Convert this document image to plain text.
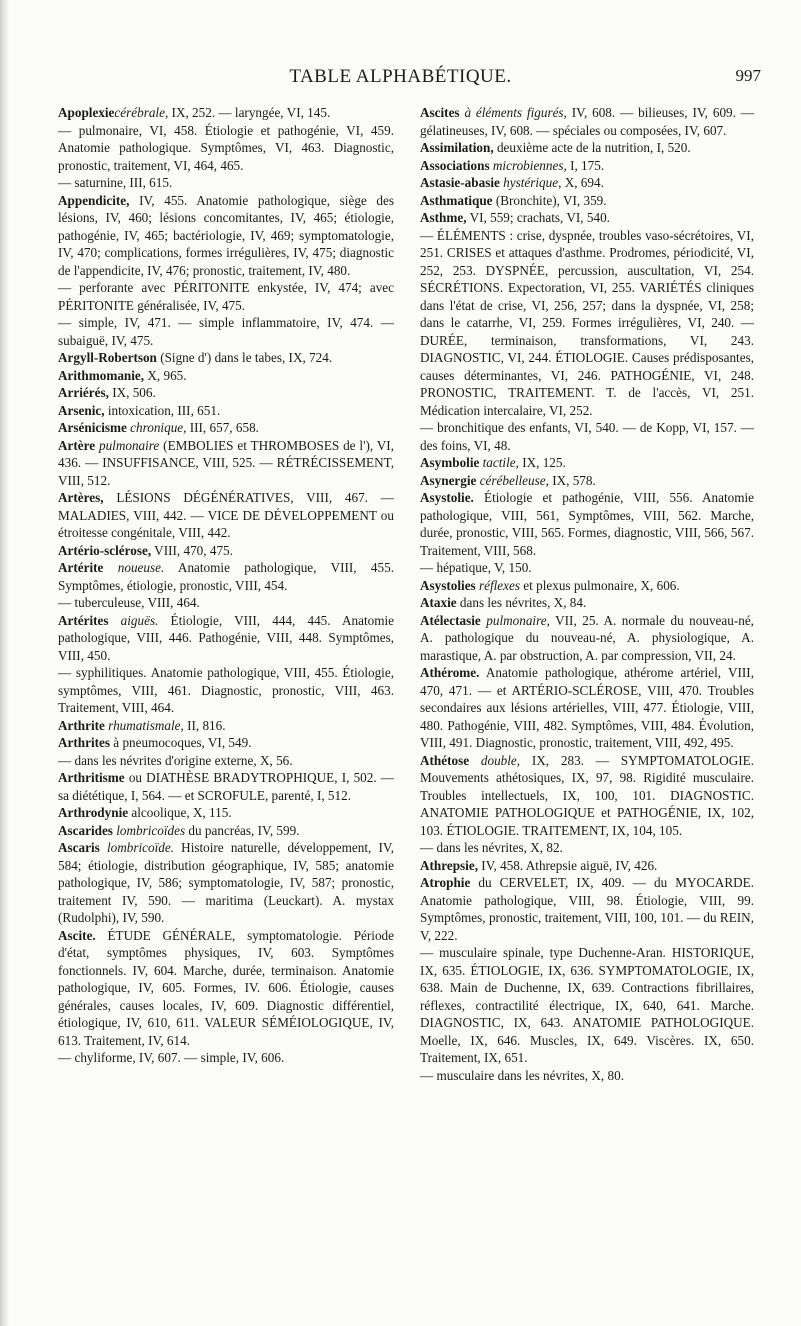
TABLE ALPHABÉTIQUE.	997

Apoplexiecérébrale, IX, 252. — laryngée, VI, 145.

— pulmonaire, VI, 458. Étiologie et pathogénie, VI, 459. Anatomie pathologique. Symptômes, VI, 463. Diagnostic, pronostic, traitement, VI, 464, 465.

— saturnine, III, 615.

Appendicite, IV, 455. Anatomie pathologique, siège des lésions, IV, 460; lésions concomitantes, IV, 465; étiologie, pathogénie, IV, 465; bactériologie, IV, 469; symptomatologie, IV, 470; complications, formes irrégulières, IV, 475; diagnostic de l'appendicite, IV, 476; pronostic, traitement, IV, 480.

— perforante avec PÉRITONITE enkystée, IV, 474; avec PÉRITONITE généralisée, IV, 475.

— simple, IV, 471. — simple inflammatoire, IV, 474. — subaiguë, IV, 475.

Argyll-Robertson (Signe d') dans le tabes, IX, 724.

Arithmomanie, X, 965.

Arriérés, IX, 506.

Arsenic, intoxication, III, 651.

Arsénicisme chronique, III, 657, 658.

Artère pulmonaire (EMBOLIES et THROMBOSES de l'), VI, 436. — INSUFFISANCE, VIII, 525. — RÉTRÉCISSEMENT, VIII, 512.

Artères, LÉSIONS DÉGÉNÉRATIVES, VIII, 467. — MALADIES, VIII, 442. — VICE DE DÉVELOPPEMENT ou étroitesse congénitale, VIII, 442.

Artério-sclérose, VIII, 470, 475.

Artérite noueuse. Anatomie pathologique, VIII, 455. Symptômes, étiologie, pronostic, VIII, 454.

— tuberculeuse, VIII, 464.

Artérites aiguës. Étiologie, VIII, 444, 445. Anatomie pathologique, VIII, 446. Pathogénie, VIII, 448. Symptômes, VIII, 450.

— syphilitiques. Anatomie pathologique, VIII, 455. Étiologie, symptômes, VIII, 461. Diagnostic, pronostic, VIII, 463. Traitement, VIII, 464.

Arthrite rhumatismale, II, 816.

Arthrites à pneumocoques, VI, 549.

— dans les névrites d'origine externe, X, 56.

Arthritisme ou DIATHÈSE BRADYTROPHIQUE, I, 502. — sa diététique, I, 564. — et SCROFULE, parenté, I, 512.

Arthrodynie alcoolique, X, 115.

Ascarides lombricoïdes du pancréas, IV, 599.

Ascaris lombricoïde. Histoire naturelle, développement, IV, 584; étiologie, distribution géographique, IV, 585; anatomie pathologique, IV, 586; symptomatologie, IV, 587; pronostic, traitement IV, 590. — maritima (Leuckart). A. mystax (Rudolphi), IV, 590.

Ascite. ÉTUDE GÉNÉRALE, symptomatologie. Période d'état, symptômes physiques, IV, 603. Symptômes fonctionnels. IV, 604. Marche, durée, terminaison. Anatomie pathologique, IV, 605. Formes, IV. 606. Étiologie, causes générales, causes locales, IV, 609. Diagnostic différentiel, étiologique, IV, 610, 611. VALEUR SÉMÉIOLOGIQUE, IV, 613. Traitement, IV, 614.

— chyliforme, IV, 607. — simple, IV, 606.

Ascites à éléments figurés, IV, 608. — bilieuses, IV, 609. — gélatineuses, IV, 608. — spéciales ou composées, IV, 607.

Assimilation, deuxième acte de la nutrition, I, 520.

Associations microbiennes, I, 175.

Astasie-abasie hystérique, X, 694.

Asthmatique (Bronchite), VI, 359.

Asthme, VI, 559; crachats, VI, 540.

— ÉLÉMENTS : crise, dyspnée, troubles vaso-sécrétoires, VI, 251. CRISES et attaques d'asthme. Prodromes, périodicité, VI, 252, 253. DYSPNÉE, percussion, auscultation, VI, 254. SÉCRÉTIONS. Expectoration, VI, 255. VARIÉTÉS cliniques dans l'état de crise, VI, 256, 257; dans la dyspnée, VI, 258; dans le catarrhe, VI, 259. Formes irrégulières, VI, 240. — DURÉE, terminaison, transformations, VI, 243. DIAGNOSTIC, VI, 244. ÉTIOLOGIE. Causes prédisposantes, causes déterminantes, VI, 246. PATHOGÉNIE, VI, 248. PRONOSTIC, TRAITEMENT. T. de l'accès, VI, 251. Médication intercalaire, VI, 252.

— bronchitique des enfants, VI, 540. — de Kopp, VI, 157. — des foins, VI, 48.

Asymbolie tactile, IX, 125.

Asynergie cérébelleuse, IX, 578.

Asystolie. Étiologie et pathogénie, VIII, 556. Anatomie pathologique, VIII, 561, Symptômes, VIII, 562. Marche, durée, pronostic, VIII, 565. Formes, diagnostic, VIII, 566, 567. Traitement, VIII, 568.

— hépatique, V, 150.

Asystolies réflexes et plexus pulmonaire, X, 606.

Ataxie dans les névrites, X, 84.

Atélectasie pulmonaire, VII, 25. A. normale du nouveau-né, A. pathologique du nouveau-né, A. physiologique, A. marastique, A. par obstruction, A. par compression, VII, 24.

Athérome. Anatomie pathologique, athérome artériel, VIII, 470, 471. — et ARTÉRIO-SCLÉROSE, VIII, 470. Troubles secondaires aux lésions artérielles, VIII, 477. Étiologie, VIII, 480. Pathogénie, VIII, 482. Symptômes, VIII, 484. Évolution, VIII, 491. Diagnostic, pronostic, traitement, VIII, 492, 495.

Athétose double, IX, 283. — SYMPTOMATOLOGIE. Mouvements athétosiques, IX, 97, 98. Rigidité musculaire. Troubles intellectuels, IX, 100, 101. DIAGNOSTIC. ANATOMIE PATHOLOGIQUE et PATHOGÉNIE, IX, 102, 103. ÉTIOLOGIE. TRAITEMENT, IX, 104, 105.

— dans les névrites, X, 82.

Athrepsie, IV, 458. Athrepsie aiguë, IV, 426.

Atrophie du CERVELET, IX, 409. — du MYOCARDE. Anatomie pathologique, VIII, 98. Étiologie, VIII, 99. Symptômes, pronostic, traitement, VIII, 100, 101. — du REIN, V, 222.

— musculaire spinale, type Duchenne-Aran. HISTORIQUE, IX, 635. ÉTIOLOGIE, IX, 636. SYMPTOMATOLOGIE, IX, 638. Main de Duchenne, IX, 639. Contractions fibrillaires, réflexes, contractilité électrique, IX, 640, 641. Marche. DIAGNOSTIC, IX, 643. ANATOMIE PATHOLOGIQUE. Moelle, IX, 646. Muscles, IX, 649. Viscères. IX, 650. Traitement, IX, 651.

— musculaire dans les névrites, X, 80.
